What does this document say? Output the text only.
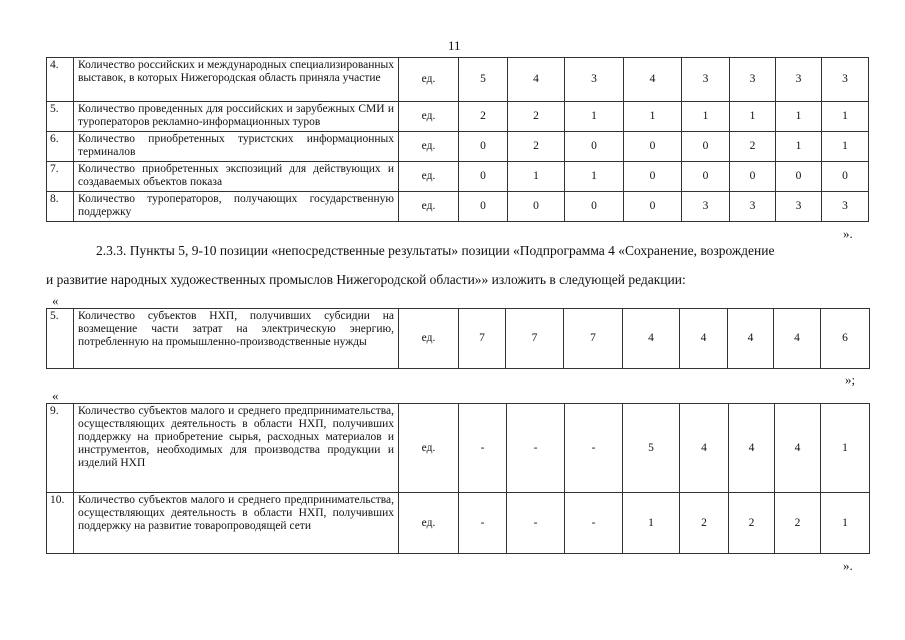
11
4.	Количество российских и международных специализированных выставок, в которых Нижегородская область приняла участие	ед.	5	4	3	4	3	3	3	3
5.	Количество проведенных для российских и зарубежных СМИ и туроператоров рекламно-информационных туров	ед.	2	2	1	1	1	1	1	1
6.	Количество приобретенных туристских информационных терминалов	ед.	0	2	0	0	0	2	1	1
7.	Количество приобретенных экспозиций для действующих и создаваемых объектов показа	ед.	0	1	1	0	0	0	0	0
8.	Количество туроператоров, получающих государственную поддержку	ед.	0	0	0	0	3	3	3	3
».
2.3.3. Пункты 5, 9-10 позиции «непосредственные результаты» позиции «Подпрограмма 4 «Сохранение, возрождение
и развитие народных художественных промыслов Нижегородской области»» изложить в следующей редакции:
«
5.	Количество субъектов НХП, получивших субсидии на возмещение части затрат на электрическую энергию, потребленную на промышленно-производственные нужды	ед.	7	7	7	4	4	4	4	6
»;
«
9.	Количество субъектов малого и среднего предпринимательства, осуществляющих деятельность в области НХП, получивших поддержку на приобретение сырья, расходных материалов и инструментов, необходимых для производства продукции и изделий НХП	ед.	-	-	-	5	4	4	4	1
10.	Количество субъектов малого и среднего предпринимательства, осуществляющих деятельность в области НХП, получивших поддержку на развитие товаропроводящей сети	ед.	-	-	-	1	2	2	2	1
».
